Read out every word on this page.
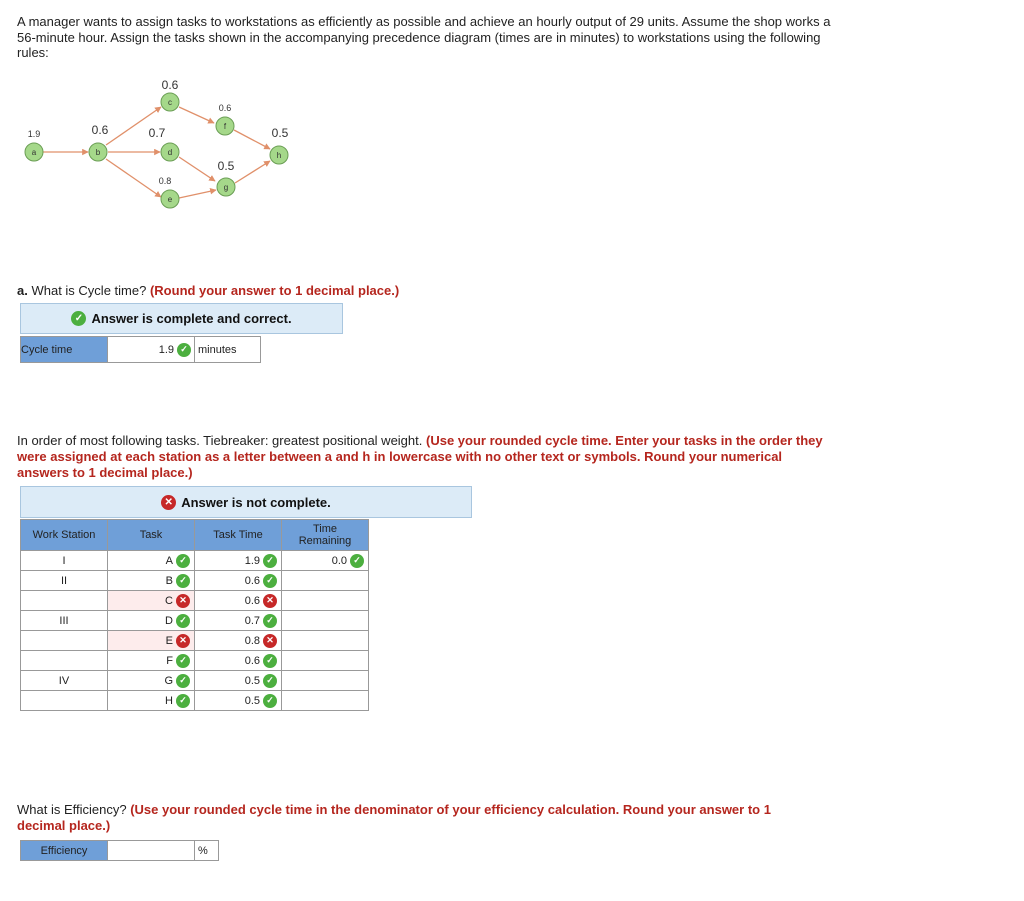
A manager wants to assign tasks to workstations as efficiently as possible and achieve an hourly output of 29 units. Assume the shop works a 56-minute hour. Assign the tasks shown in the accompanying precedence diagram (times are in minutes) to workstations using the following rules:
a
1.9
b
0.6
c
0.6
d
0.7
e
0.8
f
0.6
g
0.5
h
0.5
a. What is Cycle time? (Round your answer to 1 decimal place.)
✓ Answer is complete and correct.
Cycle time	1.9 ✓ minutes
In order of most following tasks. Tiebreaker: greatest positional weight. (Use your rounded cycle time. Enter your tasks in the order they were assigned at each station as a letter between a and h in lowercase with no other text or symbols. Round your numerical answers to 1 decimal place.)
✕ Answer is not complete.
Work Station	Task	Task Time	Time Remaining
I	A ✓	1.9 ✓	0.0 ✓
II	B ✓	0.6 ✓	
	C ✕	0.6 ✕	
III	D ✓	0.7 ✓	
	E ✕	0.8 ✕	
	F ✓	0.6 ✓	
IV	G ✓	0.5 ✓	
	H ✓	0.5 ✓	
What is Efficiency? (Use your rounded cycle time in the denominator of your efficiency calculation. Round your answer to 1 decimal place.)
Efficiency	%
